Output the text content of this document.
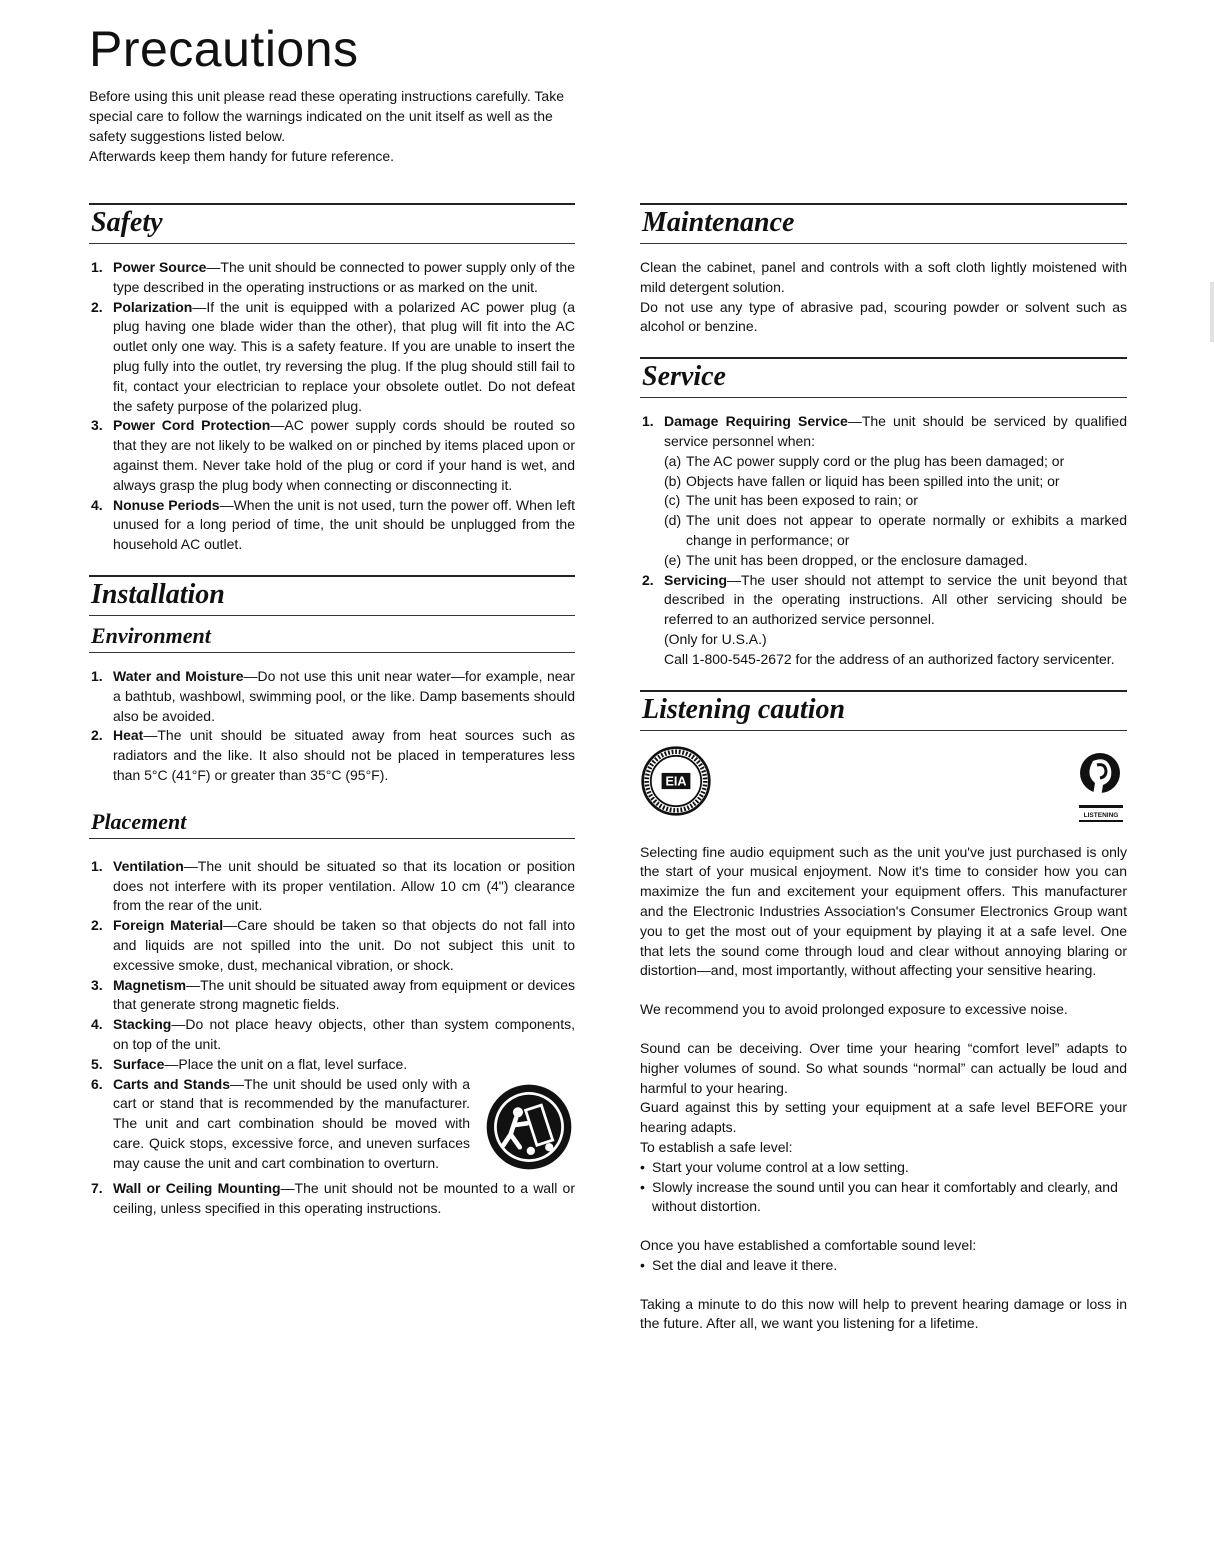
Precautions

Before using this unit please read these operating instructions carefully. Take special care to follow the warnings indicated on the unit itself as well as the safety suggestions listed below.

Afterwards keep them handy for future reference.

Safety
1. Power Source—The unit should be connected to power supply only of the type described in the operating instructions or as marked on the unit.
2. Polarization—If the unit is equipped with a polarized AC power plug (a plug having one blade wider than the other), that plug will fit into the AC outlet only one way. This is a safety feature. If you are unable to insert the plug fully into the outlet, try reversing the plug. If the plug should still fail to fit, contact your electrician to replace your obsolete outlet. Do not defeat the safety purpose of the polarized plug.
3. Power Cord Protection—AC power supply cords should be routed so that they are not likely to be walked on or pinched by items placed upon or against them. Never take hold of the plug or cord if your hand is wet, and always grasp the plug body when connecting or disconnecting it.
4. Nonuse Periods—When the unit is not used, turn the power off. When left unused for a long period of time, the unit should be unplugged from the household AC outlet.
Installation
Environment
1. Water and Moisture—Do not use this unit near water—for example, near a bathtub, washbowl, swimming pool, or the like. Damp basements should also be avoided.
2. Heat—The unit should be situated away from heat sources such as radiators and the like. It also should not be placed in temperatures less than 5°C (41°F) or greater than 35°C (95°F).
Placement
1. Ventilation—The unit should be situated so that its location or position does not interfere with its proper ventilation. Allow 10 cm (4") clearance from the rear of the unit.
2. Foreign Material—Care should be taken so that objects do not fall into and liquids are not spilled into the unit. Do not subject this unit to excessive smoke, dust, mechanical vibration, or shock.
3. Magnetism—The unit should be situated away from equipment or devices that generate strong magnetic fields.
4. Stacking—Do not place heavy objects, other than system components, on top of the unit.
5. Surface—Place the unit on a flat, level surface.
6. Carts and Stands—The unit should be used only with a cart or stand that is recommended by the manufacturer. The unit and cart combination should be moved with care. Quick stops, excessive force, and uneven surfaces may cause the unit and cart combination to overturn.
7. Wall or Ceiling Mounting—The unit should not be mounted to a wall or ceiling, unless specified in this operating instructions.
Maintenance

Clean the cabinet, panel and controls with a soft cloth lightly moistened with mild detergent solution.

Do not use any type of abrasive pad, scouring powder or solvent such as alcohol or benzine.

Service
1. Damage Requiring Service—The unit should be serviced by qualified service personnel when:
(a) The AC power supply cord or the plug has been damaged; or
(b) Objects have fallen or liquid has been spilled into the unit; or
(c) The unit has been exposed to rain; or
(d) The unit does not appear to operate normally or exhibits a marked change in performance; or
(e) The unit has been dropped, or the enclosure damaged.
2. Servicing—The user should not attempt to service the unit beyond that described in the operating instructions. All other servicing should be referred to an authorized service personnel.
(Only for U.S.A.)
Call 1-800-545-2672 for the address of an authorized factory servicenter.
Listening caution
EIA
LISTENING

Selecting fine audio equipment such as the unit you've just purchased is only the start of your musical enjoyment. Now it's time to consider how you can maximize the fun and excitement your equipment offers. This manufacturer and the Electronic Industries Association's Consumer Electronics Group want you to get the most out of your equipment by playing it at a safe level. One that lets the sound come through loud and clear without annoying blaring or distortion—and, most importantly, without affecting your sensitive hearing.

We recommend you to avoid prolonged exposure to excessive noise.

Sound can be deceiving. Over time your hearing “comfort level” adapts to higher volumes of sound. So what sounds “normal” can actually be loud and harmful to your hearing.

Guard against this by setting your equipment at a safe level BEFORE your hearing adapts.

To establish a safe level:

• Start your volume control at a low setting.
• Slowly increase the sound until you can hear it comfortably and clearly, and without distortion.

Once you have established a comfortable sound level:

• Set the dial and leave it there.

Taking a minute to do this now will help to prevent hearing damage or loss in the future. After all, we want you listening for a lifetime.
